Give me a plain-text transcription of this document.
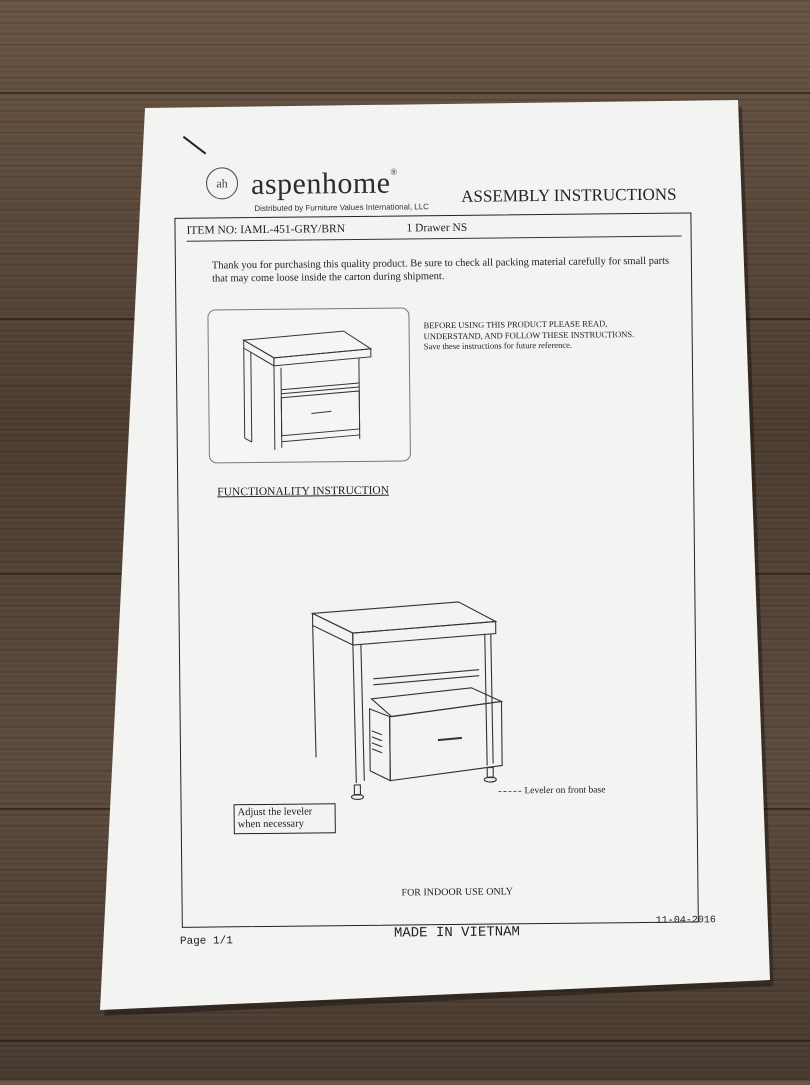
ah aspenhome®
Distributed by Furniture Values International, LLC
ASSEMBLY INSTRUCTIONS
ITEM NO: IAML-451-GRY/BRN	1 Drawer NS
Thank you for purchasing this quality product. Be sure to check all packing material carefully for small parts that may come loose inside the carton during shipment.
BEFORE USING THIS PRODUCT PLEASE READ,
UNDERSTAND, AND FOLLOW THESE INSTRUCTIONS.
Save these instructions for future reference.
FUNCTIONALITY INSTRUCTION
Leveler on front base
Adjust the leveler
when necessary
FOR INDOOR USE ONLY
11-04-2016
MADE IN VIETNAM
Page 1/1
